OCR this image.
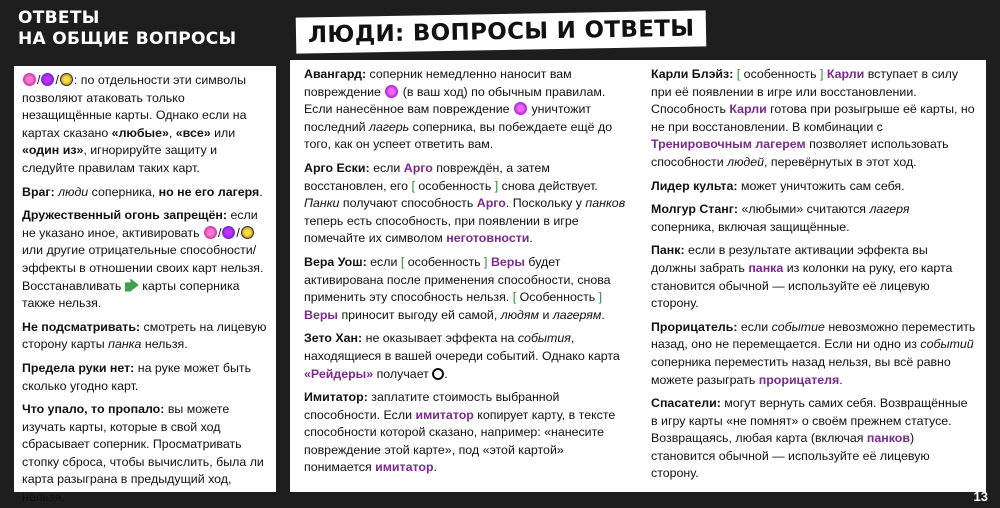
ОТВЕТЫ
НА ОБЩИЕ ВОПРОСЫ	ЛЮДИ: ВОПРОСЫ И ОТВЕТЫ
/ / : по отдельности эти символы позволяют атаковать только незащищённые карты. Однако если на картах сказано «любые», «все» или «один из», игнорируйте защиту и следуйте правилам таких карт.
Враг: люди соперника, но не его лагеря.
Дружественный огонь запрещён: если не указано иное, активировать / / или другие отрицательные способности/эффекты в отношении своих карт нельзя. Восстанавливать  карты соперника также нельзя.
Не подсматривать: смотреть на лицевую сторону карты панка нельзя.
Предела руки нет: на руке может быть сколько угодно карт.
Что упало, то пропало: вы можете изучать карты, которые в свой ход сбрасывает соперник. Просматривать стопку сброса, чтобы вычислить, была ли карта разыграна в предыдущий ход, нельзя.
Авангард: соперник немедленно наносит вам повреждение  (в ваш ход) по обычным правилам. Если нанесённое вам повреждение  уничтожит последний лагерь соперника, вы побеждаете ещё до того, как он успеет ответить вам.
Арго Ески: если Арго повреждён, а затем восстановлен, его [ особенность ] снова действует. Панки получают способность Арго. Поскольку у панков теперь есть способность, при появлении в игре помечайте их символом неготовности.
Вера Уош: если [ особенность ] Веры будет активирована после применения способности, снова применить эту способность нельзя. [ Особенность ] Веры приносит выгоду ей самой, людям и лагерям.
Зето Хан: не оказывает эффекта на события, находящиеся в вашей очереди событий. Однако карта «Рейдеры» получает .
Имитатор: заплатите стоимость выбранной способности. Если имитатор копирует карту, в тексте способности которой сказано, например: «нанесите повреждение этой карте», под «этой картой» понимается имитатор.
Карли Блэйз: [ особенность ] Карли вступает в силу при её появлении в игре или восстановлении. Способность Карли готова при розыгрыше её карты, но не при восстановлении. В комбинации с Тренировочным лагерем позволяет использовать способности людей, перевёрнутых в этот ход.
Лидер культа: может уничтожить сам себя.
Молгур Станг: «любыми» считаются лагеря соперника, включая защищённые.
Панк: если в результате активации эффекта вы должны забрать панка из колонки на руку, его карта становится обычной — используйте её лицевую сторону.
Прорицатель: если событие невозможно переместить назад, оно не перемещается. Если ни одно из событий соперника переместить назад нельзя, вы всё равно можете разыграть прорицателя.
Спасатели: могут вернуть самих себя. Возвращённые в игру карты «не помнят» о своём прежнем статусе. Возвращаясь, любая карта (включая панков) становится обычной — используйте её лицевую сторону.
13
